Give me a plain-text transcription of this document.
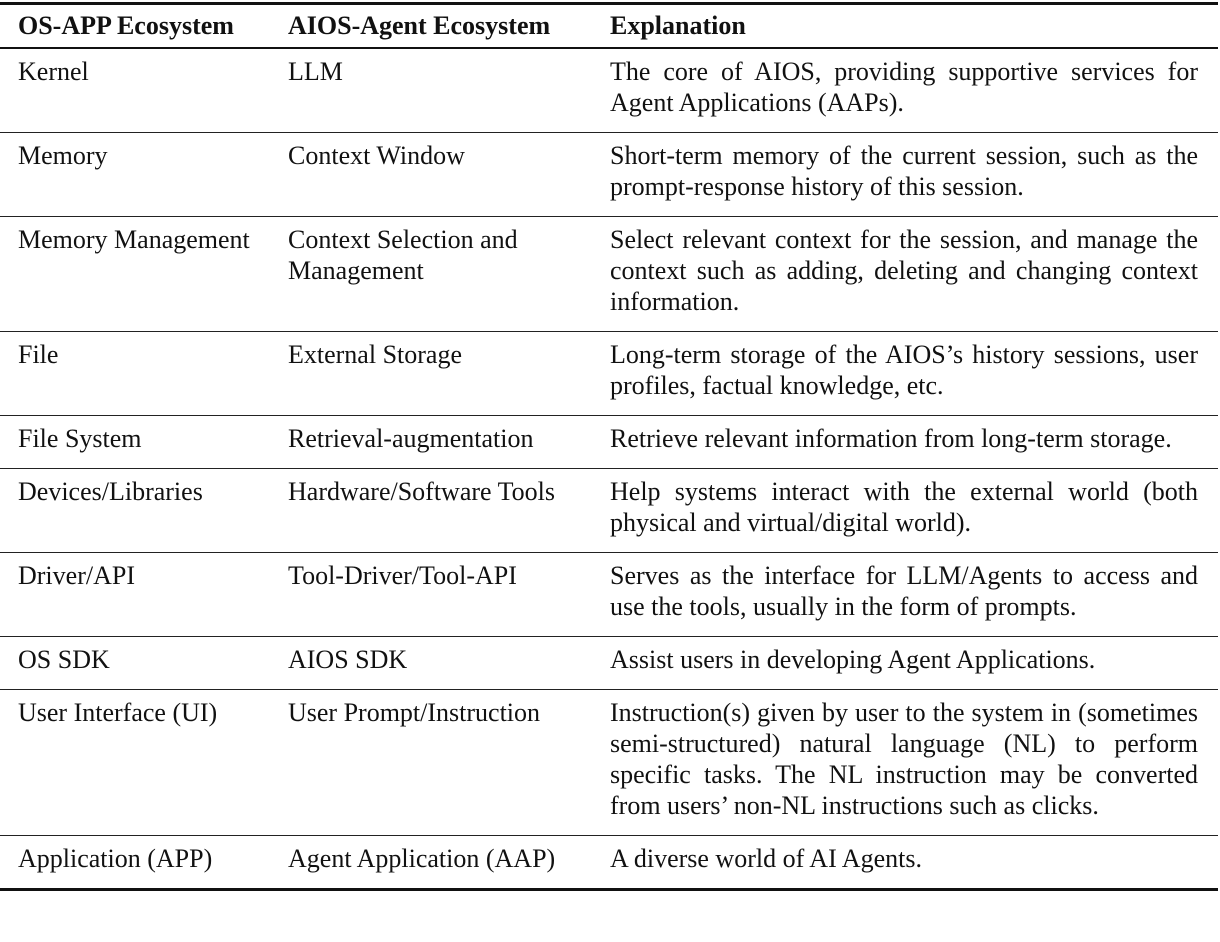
OS-APP Ecosystem	AIOS-Agent Ecosystem	Explanation
Kernel	LLM	The core of AIOS, providing supportive services for Agent Applications (AAPs).
Memory	Context Window	Short-term memory of the current session, such as the prompt-response history of this session.
Memory Management	Context Selection and Management	Select relevant context for the session, and manage the context such as adding, deleting and changing context information.
File	External Storage	Long-term storage of the AIOS’s history sessions, user profiles, factual knowledge, etc.
File System	Retrieval-augmentation	Retrieve relevant information from long-term storage.
Devices/Libraries	Hardware/Software Tools	Help systems interact with the external world (both physical and virtual/digital world).
Driver/API	Tool-Driver/Tool-API	Serves as the interface for LLM/Agents to access and use the tools, usually in the form of prompts.
OS SDK	AIOS SDK	Assist users in developing Agent Applications.
User Interface (UI)	User Prompt/Instruction	Instruction(s) given by user to the system in (sometimes semi-structured) natural language (NL) to perform specific tasks. The NL instruction may be converted from users’ non-NL instructions such as clicks.
Application (APP)	Agent Application (AAP)	A diverse world of AI Agents.
